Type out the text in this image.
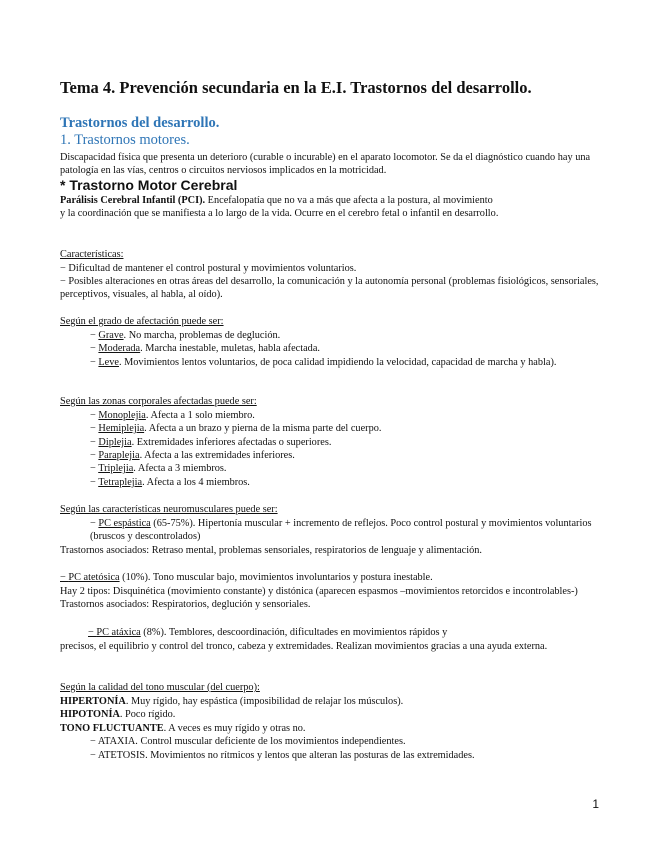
Tema 4. Prevención secundaria en la E.I. Trastornos del desarrollo.
Trastornos del desarrollo.
1. Trastornos motores.
Discapacidad física que presenta un deterioro (curable o incurable) en el aparato locomotor. Se da el diagnóstico cuando hay una patología en las vías, centros o circuitos nerviosos implicados en la motricidad.
* Trastorno Motor Cerebral
Parálisis Cerebral Infantil (PCI). Encefalopatía que no va a más que afecta a la postura, al movimiento y la coordinación que se manifiesta a lo largo de la vida. Ocurre en el cerebro fetal o infantil en desarrollo.
Características:
− Dificultad de mantener el control postural y movimientos voluntarios.
− Posibles alteraciones en otras áreas del desarrollo, la comunicación y la autonomía personal (problemas fisiológicos, sensoriales, perceptivos, visuales, al habla, al oído).
Según el grado de afectación puede ser:
− Grave. No marcha, problemas de deglución.
− Moderada. Marcha inestable, muletas, habla afectada.
− Leve. Movimientos lentos voluntarios, de poca calidad impidiendo la velocidad, capacidad de marcha y habla).
Según las zonas corporales afectadas puede ser:
− Monoplejia. Afecta a 1 solo miembro.
− Hemiplejia. Afecta a un brazo y pierna de la misma parte del cuerpo.
− Diplejia. Extremidades inferiores afectadas o superiores.
− Paraplejia. Afecta a las extremidades inferiores.
− Triplejia. Afecta a 3 miembros.
− Tetraplejia. Afecta a los 4 miembros.
Según las características neuromusculares puede ser:
− PC espástica (65-75%). Hipertonía muscular + incremento de reflejos. Poco control postural y movimientos voluntarios (bruscos y descontrolados)
Trastornos asociados: Retraso mental, problemas sensoriales, respiratorios de lenguaje y alimentación.
− PC atetósica (10%). Tono muscular bajo, movimientos involuntarios y postura inestable.
Hay 2 tipos: Disquinética (movimiento constante) y distónica (aparecen espasmos –movimientos retorcidos e incontrolables-) Trastornos asociados: Respiratorios, deglución y sensoriales.
− PC atáxica (8%). Temblores, descoordinación, dificultades en movimientos rápidos y
precisos, el equilibrio y control del tronco, cabeza y extremidades. Realizan movimientos gracias a una ayuda externa.
Según la calidad del tono muscular (del cuerpo):
HIPERTONÍA. Muy rígido, hay espástica (imposibilidad de relajar los músculos).
HIPOTONÍA. Poco rígido.
TONO FLUCTUANTE. A veces es muy rígido y otras no.
− ATAXIA. Control muscular deficiente de los movimientos independientes.
− ATETOSIS. Movimientos no rítmicos y lentos que alteran las posturas de las extremidades.
1
